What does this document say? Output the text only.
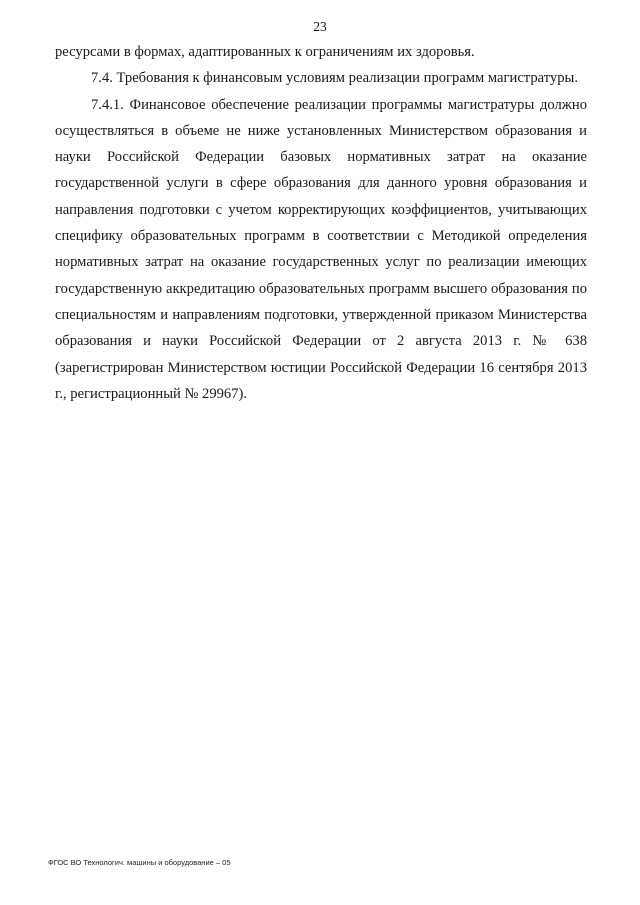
23

ресурсами в формах, адаптированных к ограничениям их здоровья.

7.4. Требования к финансовым условиям реализации программ магистратуры.

7.4.1. Финансовое обеспечение реализации программы магистратуры должно осуществляться в объеме не ниже установленных Министерством образования и науки Российской Федерации базовых нормативных затрат на оказание государственной услуги в сфере образования для данного уровня образования и направления подготовки с учетом корректирующих коэффициентов, учитывающих специфику образовательных программ в соответствии с Методикой определения нормативных затрат на оказание государственных услуг по реализации имеющих государственную аккредитацию образовательных программ высшего образования по специальностям и направлениям подготовки, утвержденной приказом Министерства образования и науки Российской Федерации от 2 августа 2013 г. № 638 (зарегистрирован Министерством юстиции Российской Федерации 16 сентября 2013 г., регистрационный № 29967).

ФГОС ВО Технологич. машины и оборудование – 05
